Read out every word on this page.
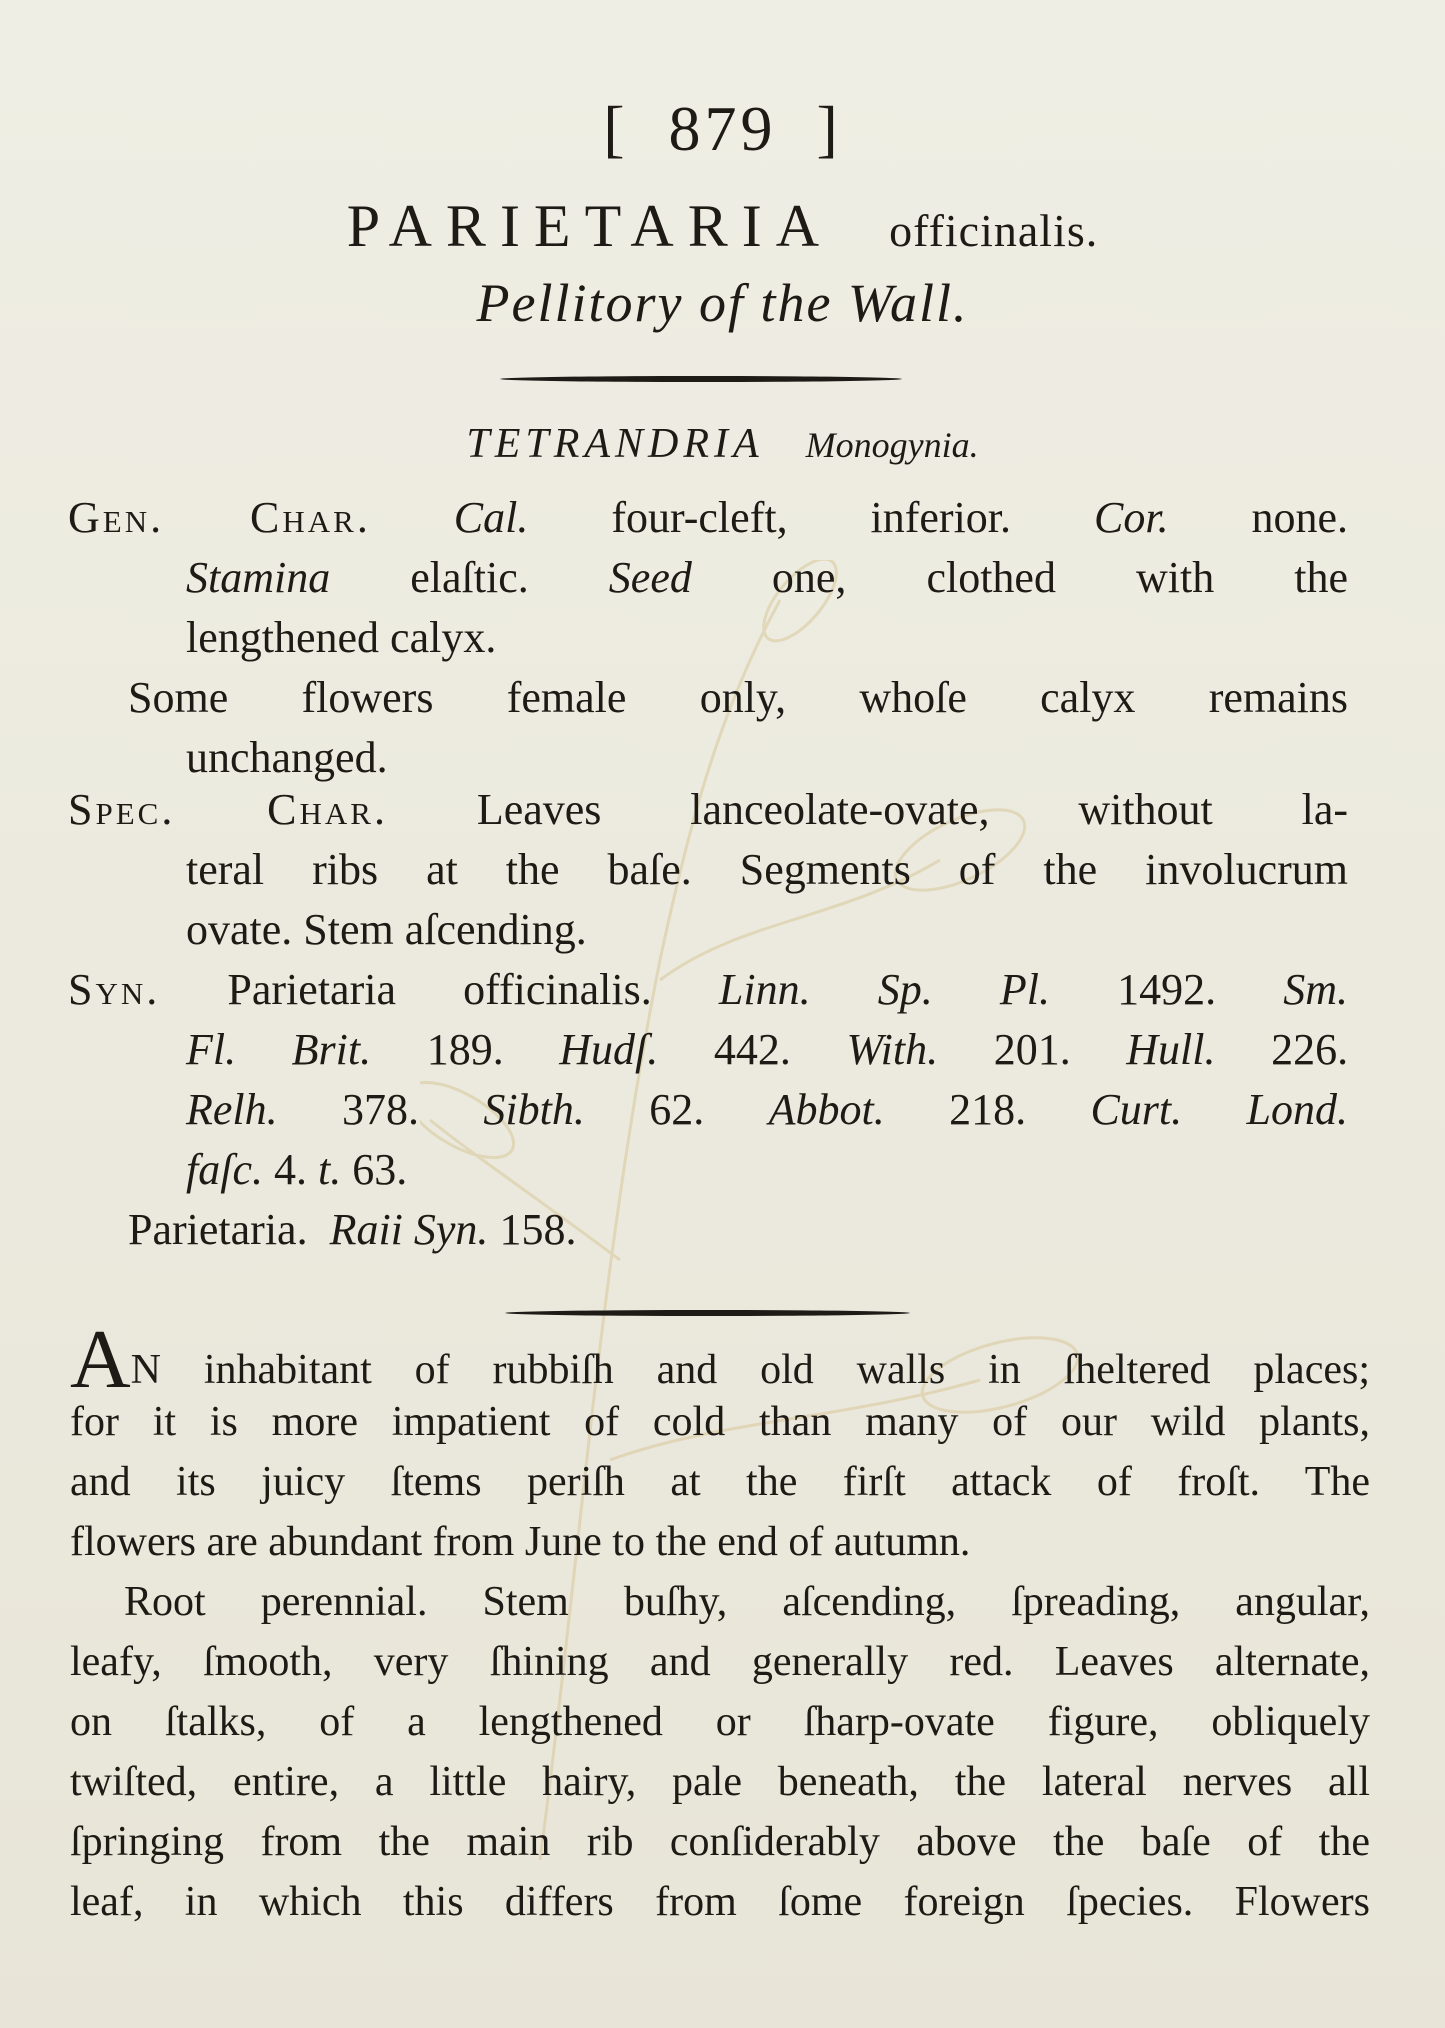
[ 879 ]
PARIETARIA officinalis.
Pellitory of the Wall.
TETRANDRIA Monogynia.
Gen. Char. Cal. four-cleft, inferior. Cor. none.
Stamina elaſtic. Seed one, clothed with the
lengthened calyx.
Some flowers female only, whoſe calyx remains
unchanged.
Spec. Char. Leaves lanceolate-ovate, without la-
teral ribs at the baſe. Segments of the involucrum
ovate. Stem aſcending.
Syn. Parietaria officinalis. Linn. Sp. Pl. 1492. Sm.
Fl. Brit. 189. Hudſ. 442. With. 201. Hull. 226.
Relh. 378. Sibth. 62. Abbot. 218. Curt. Lond.
faſc. 4. t. 63.
Parietaria. Raii Syn. 158.
AN inhabitant of rubbiſh and old walls in ſheltered places;
for it is more impatient of cold than many of our wild plants,
and its juicy ſtems periſh at the firſt attack of froſt. The
flowers are abundant from June to the end of autumn.
Root perennial. Stem buſhy, aſcending, ſpreading, angular,
leafy, ſmooth, very ſhining and generally red. Leaves alternate,
on ſtalks, of a lengthened or ſharp-ovate figure, obliquely
twiſted, entire, a little hairy, pale beneath, the lateral nerves all
ſpringing from the main rib conſiderably above the baſe of the
leaf, in which this differs from ſome foreign ſpecies. Flowers
